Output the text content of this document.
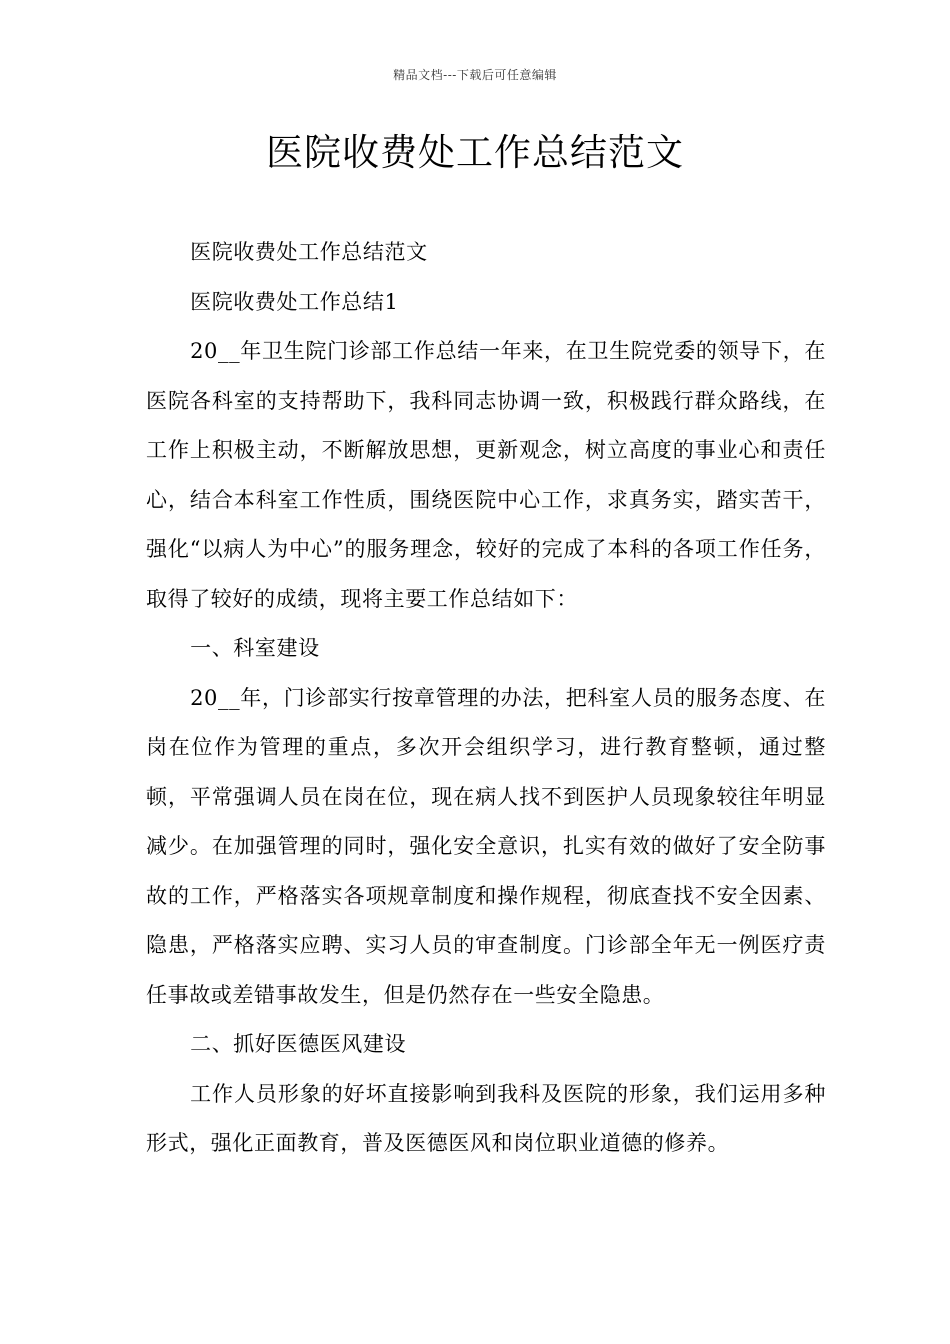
精品文档---下载后可任意编辑
医院收费处工作总结范文

医院收费处工作总结范文

医院收费处工作总结1

20__年卫生院门诊部工作总结一年来，在卫生院党委的领导下，在医院各科室的支持帮助下，我科同志协调一致，积极践行群众路线，在工作上积极主动，不断解放思想，更新观念，树立高度的事业心和责任心，结合本科室工作性质，围绕医院中心工作，求真务实，踏实苦干，强化“以病人为中心”的服务理念，较好的完成了本科的各项工作任务，取得了较好的成绩，现将主要工作总结如下：

一、科室建设

20__年，门诊部实行按章管理的办法，把科室人员的服务态度、在岗在位作为管理的重点，多次开会组织学习，进行教育整顿，通过整顿，平常强调人员在岗在位，现在病人找不到医护人员现象较往年明显减少。在加强管理的同时，强化安全意识，扎实有效的做好了安全防事故的工作，严格落实各项规章制度和操作规程，彻底查找不安全因素、隐患，严格落实应聘、实习人员的审查制度。门诊部全年无一例医疗责任事故或差错事故发生，但是仍然存在一些安全隐患。

二、抓好医德医风建设

工作人员形象的好坏直接影响到我科及医院的形象，我们运用多种形式，强化正面教育，普及医德医风和岗位职业道德的修养。
